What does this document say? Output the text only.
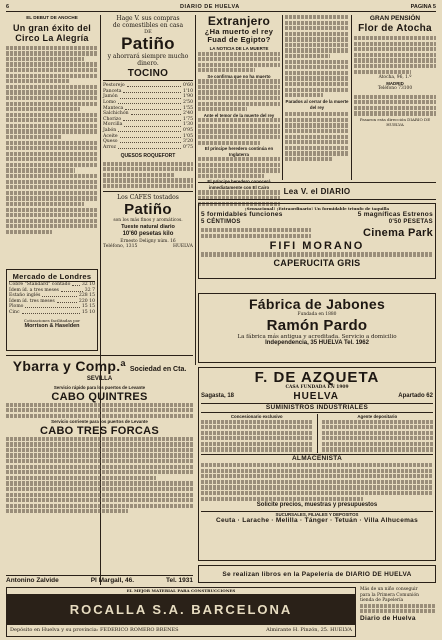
6	DIARIO DE HUELVA	PAGINA 5
EL DEBUT DE ANOCHE
Un gran éxito del Circo La Alegría
Hage V. sus compras
de comestibles en casa
DE
Patiño
y ahorrará siempre mucho
dinero.
TOCINO
Pestorejo	0'60
Panceta	1'10
Jamón	1'90
Lomo	2'50
Manteca	1'55
Salchichón	2'40
Chorizo	1'75
Morcilla	1'30
Jabón	0'95
Aceite	1'05
Queso	3'20
Arroz	0'75
QUESOS ROQUEFORT
Los CAFES tostados
Patiño
son los más finos y aromáticos.
Tueste natural diario
10'60 pesetas kilo
Ernesto Deligny núm. 16
Teléfono, 1315	HUELVA
Extranjero
¿Ha muerto el rey Fuad de Egipto?
LA NOTICIA DE LA MUERTE
Se confirma que no ha muerto
Ante el temor de la muerte del rey
El príncipe heredero continúa en Inglaterra
El príncipe heredero conocerá inmediatamente con El Cairo
Parados al cerrar de la muerte del rey
GRAN PENSIÓN
Flor de Atocha
Atocha, 96, 1.º
MADRID
Teléfono 73100
Pasaron esta dirección DIARIO DE HUELVA
Lea V. el DIARIO
¡Sensacional! ¡Extraordinario! Un formidable triunfo de taquilla
5 formidables funciones	5 magníficas Estrenos
5 CÉNTIMOS	0'50 PESETAS
Cinema Park
FIFI MORANO
CAPERUCITA GRIS
Mercado de Londres
Cobre "Standard" contado 32 10
Ídem íd. a tres meses	32 7
Estaño inglés	228 15
Ídem íd. tres meses	220 10
Plomo	15 15
Cinc	15 10
Cotizaciones facilitadas por
Morrison & Haselden
Fábrica de Jabones
Fundada en 1880
Ramón Pardo
La fábrica más antigua y acreditada. Servicio a domicilio
Independencia, 35 HUELVA Tel. 1962
Ybarra y Comp.ª Sociedad en Cta.
SEVILLA
Servicio rápido para los puertos de Levante
CABO QUINTRES
Servicio corriente para los puertos de Levante
CABO TRES FORCAS
Antonino Zalvide	Pl Margall, 46.	Tel. 1931
F. DE AZQUETA
CASA FUNDADA EN 1909
Sagasta, 18	HUELVA	Apartado 62
SUMINISTROS INDUSTRIALES
Concesionario exclusivo	Agente depositario
ALMACENISTA
Solicite precios, muestras y presupuestos
SUCURSALES, FILIALES Y DEPOSITOS
Ceuta · Larache · Melilla · Tánger · Tetuán · Villa Alhucemas
Se realizan libros en la Papelería de DIARIO DE HUELVA
EL MEJOR MATERIAL PARA CONSTRUCCIONES
ROCALLA S.A. BARCELONA
Depósito en Huelva y su provincia: FEDERICO ROMERO BRENES	Almirante H. Pinzón, 25. HUELVA
Más de un niño conseguir
para la Primera Comunión
tienda de Papelería
Diario de Huelva
